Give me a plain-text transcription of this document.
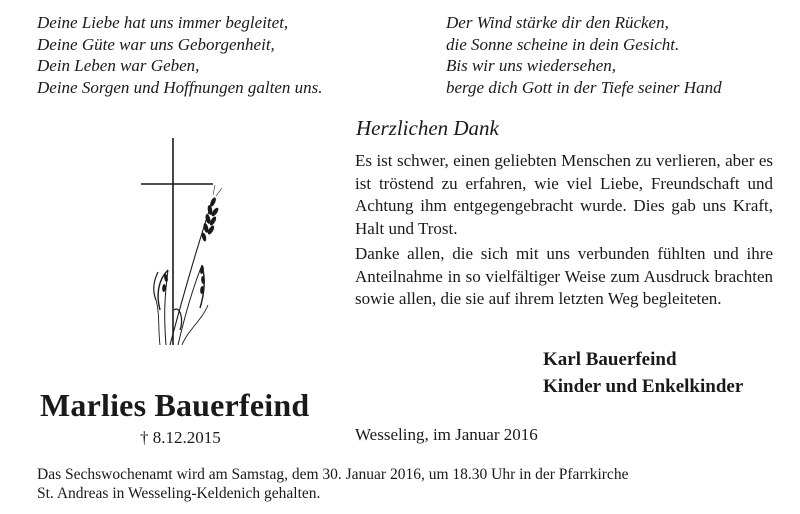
Deine Liebe hat uns immer begleitet,
Deine Güte war uns Geborgenheit,
Dein Leben war Geben,
Deine Sorgen und Hoffnungen galten uns.
Der Wind stärke dir den Rücken,
die Sonne scheine in dein Gesicht.
Bis wir uns wiedersehen,
berge dich Gott in der Tiefe seiner Hand
Herzlichen Dank
Es ist schwer, einen geliebten Menschen zu verlieren, aber es ist tröstend zu erfahren, wie viel Liebe, Freundschaft und Achtung ihm entgegengebracht wurde. Dies gab uns Kraft, Halt und Trost.
Danke allen, die sich mit uns verbunden fühlten und ihre Anteilnahme in so vielfältiger Weise zum Ausdruck brachten sowie allen, die sie auf ihrem letzten Weg begleiteten.
Karl Bauerfeind
Kinder und Enkelkinder
Marlies Bauerfeind
† 8.12.2015	Wesseling, im Januar 2016
Das Sechswochenamt wird am Samstag, dem 30. Januar 2016, um 18.30 Uhr in der Pfarrkirche
St. Andreas in Wesseling-Keldenich gehalten.
